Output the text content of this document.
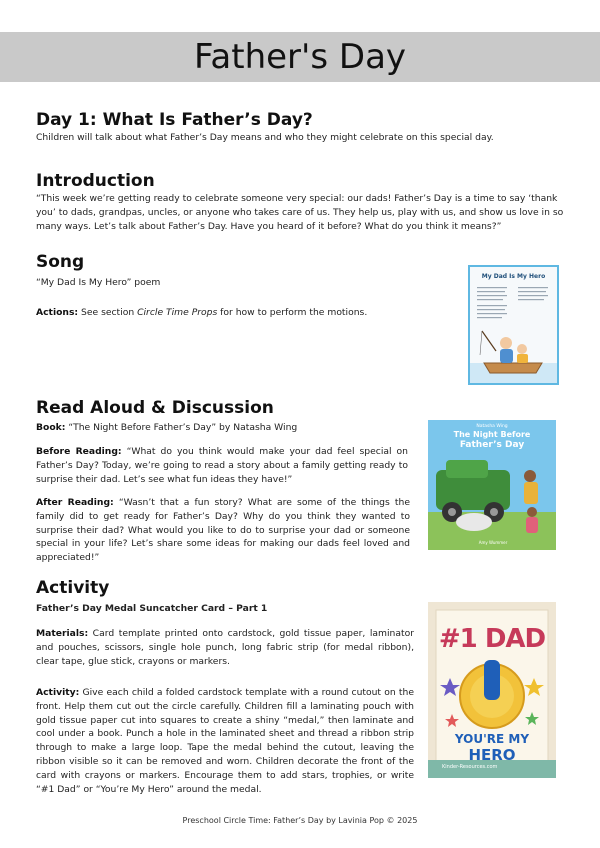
Father's Day
Day 1: What Is Father’s Day?
Children will talk about what Father’s Day means and who they might celebrate on this special day.
Introduction
“This week we’re getting ready to celebrate someone very special: our dads! Father’s Day is a time to say ‘thank you’ to dads, grandpas, uncles, or anyone who takes care of us. They help us, play with us, and show us love in so many ways. Let’s talk about Father’s Day. Have you heard of it before? What do you think it means?”
Song
“My Dad Is My Hero” poem
Actions: See section Circle Time Props for how to perform the motions.
My Dad Is My Hero
Read Aloud & Discussion
Book: “The Night Before Father’s Day” by Natasha Wing
Before Reading: “What do you think would make your dad feel special on Father’s Day? Today, we’re going to read a story about a family getting ready to surprise their dad. Let’s see what fun ideas they have!”
After Reading: “Wasn’t that a fun story? What are some of the things the family did to get ready for Father’s Day? Why do you think they wanted to surprise their dad? What would you like to do to surprise your dad or someone special in your life? Let’s share some ideas for making our dads feel loved and appreciated!”
Natasha Wing
The Night Before
Father’s Day
Amy Wummer
Activity
Father’s Day Medal Suncatcher Card – Part 1
Materials: Card template printed onto cardstock, gold tissue paper, laminator and pouches, scissors, single hole punch, long fabric strip (for medal ribbon), clear tape, glue stick, crayons or markers.
Activity: Give each child a folded cardstock template with a round cutout on the front. Help them cut out the circle carefully. Children fill a laminating pouch with gold tissue paper cut into squares to create a shiny “medal,” then laminate and cool under a book. Punch a hole in the laminated sheet and thread a ribbon strip through to make a large loop. Tape the medal behind the cutout, leaving the ribbon visible so it can be removed and worn. Children decorate the front of the card with crayons or markers. Encourage them to add stars, trophies, or write “#1 Dad” or “You’re My Hero” around the medal.
#1 DAD
YOU'RE MY
HERO
Kinder-Resources.com
Preschool Circle Time: Father’s Day by Lavinia Pop © 2025
